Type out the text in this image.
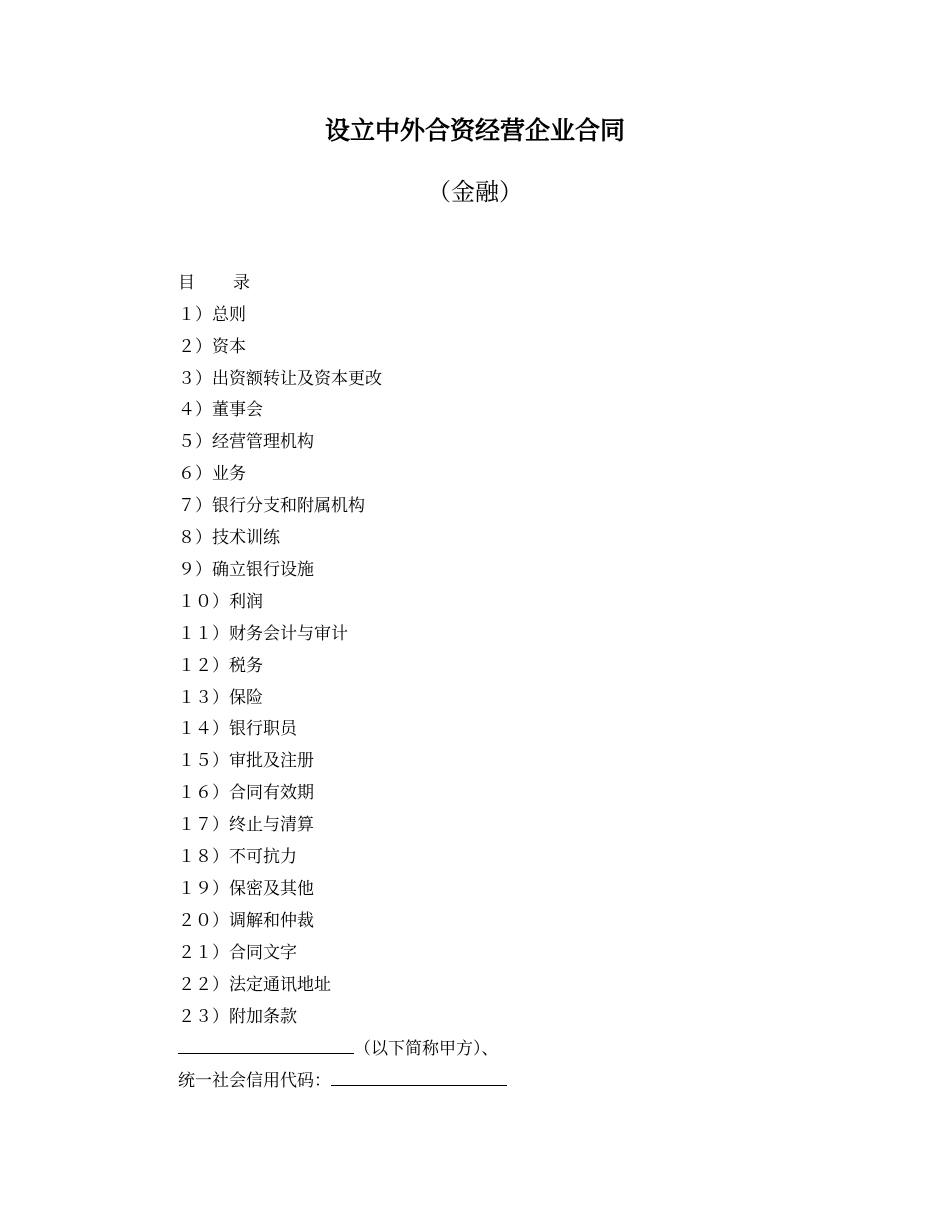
设立中外合资经营企业合同
（金融）

目 录

１）总则

２）资本

３）出资额转让及资本更改

４）董事会

５）经营管理机构

６）业务

７）银行分支和附属机构

８）技术训练

９）确立银行设施

１０）利润

１１）财务会计与审计

１２）税务

１３）保险

１４）银行职员

１５）审批及注册

１６）合同有效期

１７）终止与清算

１８）不可抗力

１９）保密及其他

２０）调解和仲裁

２１）合同文字

２２）法定通讯地址

２３）附加条款

（以下简称甲方）、

统一社会信用代码：
